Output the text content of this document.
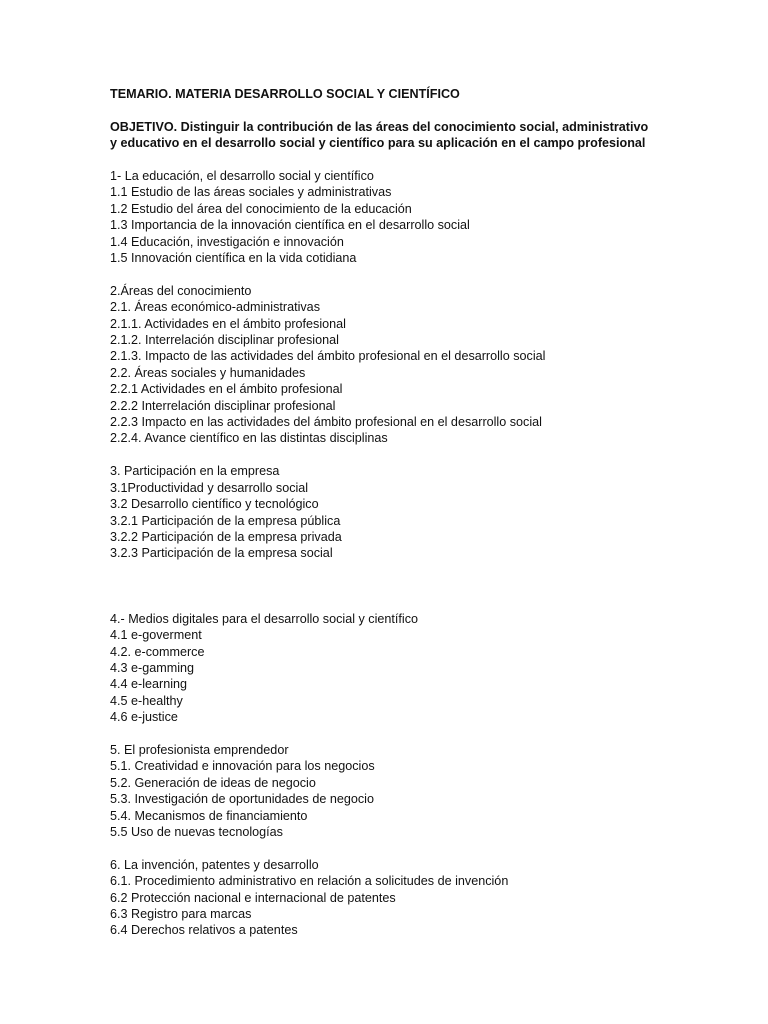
TEMARIO. MATERIA DESARROLLO SOCIAL Y CIENTÍFICO
OBJETIVO. Distinguir la contribución de las áreas del conocimiento social, administrativo y educativo en el desarrollo social y científico para su aplicación en el campo profesional
1- La educación, el desarrollo social y científico
1.1 Estudio de las áreas sociales y administrativas
1.2 Estudio del área del conocimiento de la educación
1.3 Importancia de la innovación científica en el desarrollo social
1.4 Educación, investigación e innovación
1.5 Innovación científica en la vida cotidiana
2.Áreas del conocimiento
2.1. Áreas económico-administrativas
2.1.1. Actividades en el ámbito profesional
2.1.2. Interrelación disciplinar profesional
2.1.3. Impacto de las actividades del ámbito profesional en el desarrollo social
2.2. Áreas sociales y humanidades
2.2.1 Actividades en el ámbito profesional
2.2.2 Interrelación disciplinar profesional
2.2.3 Impacto en las actividades del ámbito profesional en el desarrollo social
2.2.4. Avance científico en las distintas disciplinas
3. Participación en la empresa
3.1Productividad y desarrollo social
3.2 Desarrollo científico y tecnológico
3.2.1 Participación de la empresa pública
3.2.2 Participación de la empresa privada
3.2.3 Participación de la empresa social
4.- Medios digitales para el desarrollo social y científico
4.1 e-goverment
4.2. e-commerce
4.3 e-gamming
4.4 e-learning
4.5 e-healthy
4.6 e-justice
5. El profesionista emprendedor
5.1. Creatividad e innovación para los negocios
5.2. Generación de ideas de negocio
5.3. Investigación de oportunidades de negocio
5.4. Mecanismos de financiamiento
5.5 Uso de nuevas tecnologías
6. La invención, patentes y desarrollo
6.1. Procedimiento administrativo en relación a solicitudes de invención
6.2 Protección nacional e internacional de patentes
6.3 Registro para marcas
6.4 Derechos relativos a patentes
